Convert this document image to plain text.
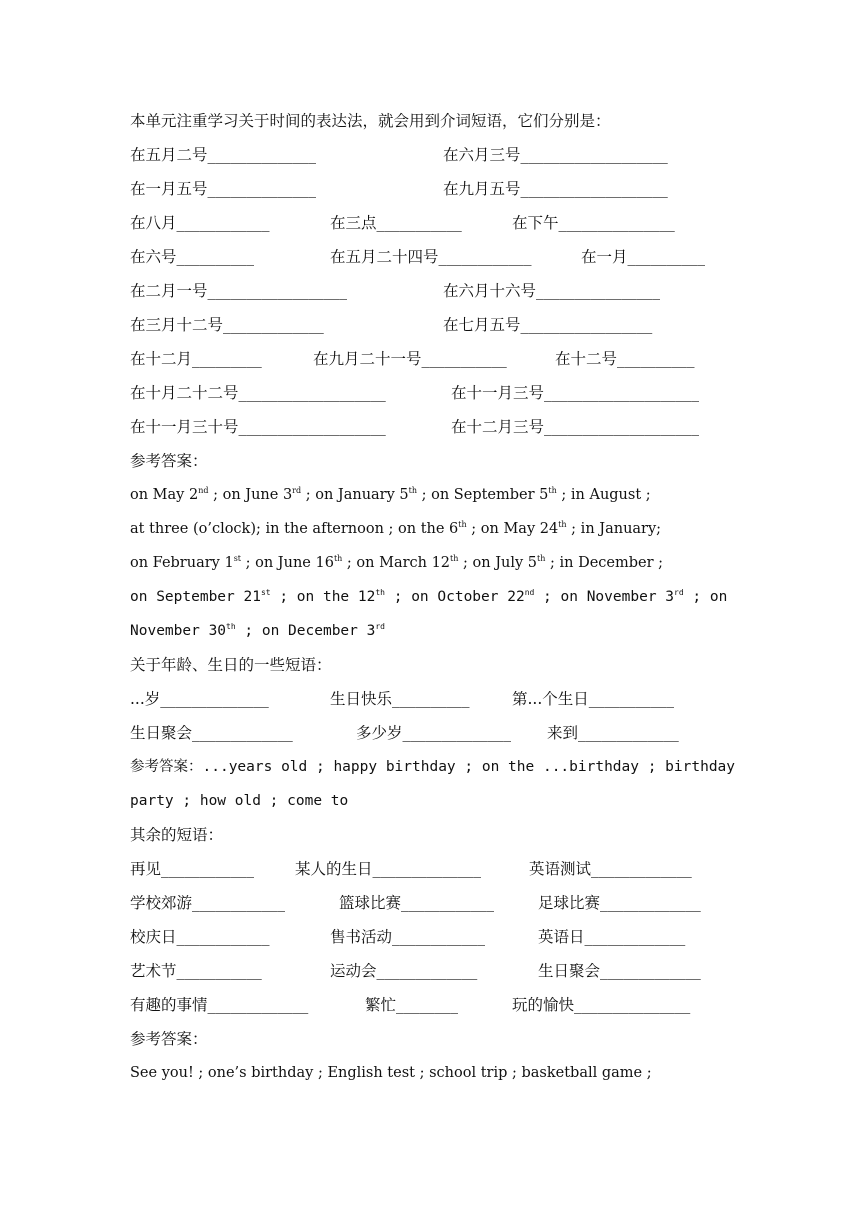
本单元注重学习关于时间的表达法，就会用到介词短语，它们分别是：
在五月二号______________	在六月三号___________________
在一月五号______________	在九月五号___________________
在八月____________	在三点___________	在下午_______________
在六号__________	在五月二十四号____________	在一月__________
在二月一号__________________	在六月十六号________________
在三月十二号_____________	在七月五号_________________
在十二月_________	在九月二十一号___________	在十二号__________
在十月二十二号___________________	在十一月三号____________________
在十一月三十号___________________	在十二月三号____________________
参考答案：
on May 2nd ; on June 3rd ; on January 5th ; on September 5th ; in August ;
at three (o’clock); in the afternoon ; on the 6th ; on May 24th ; in January;
on February 1st ; on June 16th ; on March 12th ; on July 5th ; in December ;
on September 21st ; on the 12th ; on October 22nd ; on November 3rd ; on
November 30th ; on December 3rd
关于年龄、生日的一些短语：
...岁______________	生日快乐__________	第...个生日___________
生日聚会_____________	多少岁______________ 来到_____________
参考答案：...years old ; happy birthday ; on the ...birthday ; birthday
party ; how old ; come to
其余的短语：
再见____________	某人的生日______________	英语测试_____________
学校郊游____________	篮球比赛____________	足球比赛_____________
校庆日____________	售书活动____________	英语日_____________
艺术节___________	运动会_____________	生日聚会_____________
有趣的事情_____________	繁忙________	玩的愉快_______________
参考答案：
See you! ; one’s birthday ; English test ; school trip ; basketball game ;
